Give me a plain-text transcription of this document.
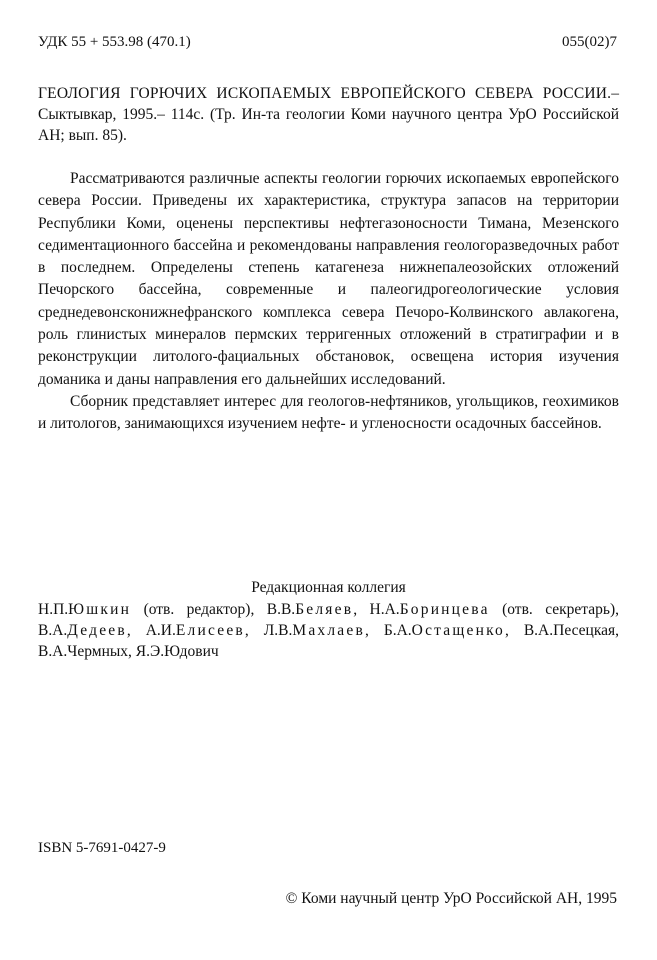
УДК 55 + 553.98 (470.1)	055(02)7
ГЕОЛОГИЯ ГОРЮЧИХ ИСКОПАЕМЫХ ЕВРОПЕЙСКОГО СЕВЕРА РОССИИ.– Сыктывкар, 1995.– 114с. (Тр. Ин-та геологии Коми научного центра УрО Российской АН; вып. 85).

Рассматриваются различные аспекты геологии горючих ископаемых европейского севера России. Приведены их характеристика, структура запасов на территории Республики Коми, оценены перспективы нефтегазоносности Тимана, Мезенского седиментационного бассейна и рекомендованы направления геологоразведочных работ в последнем. Определены степень катагенеза нижнепалеозойских отложений Печорского бассейна, современные и палеогидрогеологические условия среднедевонсконижнефранского комплекса севера Печоро-Колвинского авлакогена, роль глинистых минералов пермских терригенных отложений в стратиграфии и в реконструкции литолого-фациальных обстановок, освещена история изучения доманика и даны направления его дальнейших исследований.

Сборник представляет интерес для геологов-нефтяников, угольщиков, геохимиков и литологов, занимающихся изучением нефте- и угленосности осадочных бассейнов.

Редакционная коллегия
Н.П.Юшкин (отв. редактор), В.В.Беляев, Н.А.Боринцева (отв. секретарь), В.А.Дедеев, А.И.Елисеев, Л.В.Махлаев, Б.А.Остащенко, В.А.Песецкая, В.А.Чермных, Я.Э.Юдович
ISBN 5-7691-0427-9
© Коми научный центр УрО Российской АН, 1995
